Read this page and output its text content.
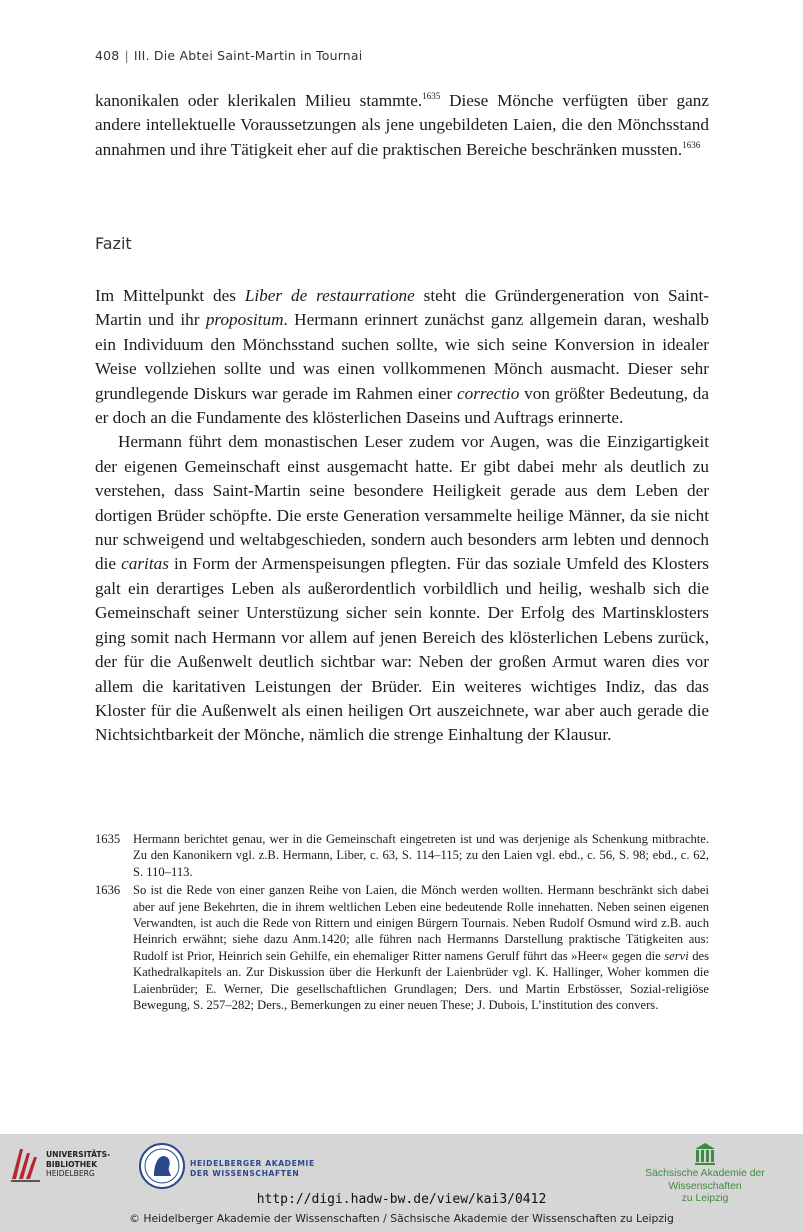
408 | III. Die Abtei Saint-Martin in Tournai

kanonikalen oder klerikalen Milieu stammte.$^{1635}$ Diese Mönche verfügten über ganz andere intellektuelle Voraussetzungen als jene ungebildeten Laien, die den Mönchsstand annahmen und ihre Tätigkeit eher auf die praktischen Bereiche beschränken mussten.$^{1636}$

Fazit

Im Mittelpunkt des Liber de restaurratione steht die Gründergeneration von Saint-Martin und ihr propositum. Hermann erinnert zunächst ganz allgemein daran, weshalb ein Individuum den Mönchsstand suchen sollte, wie sich seine Konversion in idealer Weise vollziehen sollte und was einen vollkommenen Mönch ausmacht. Dieser sehr grundlegende Diskurs war gerade im Rahmen einer correctio von größter Bedeutung, da er doch an die Fundamente des klösterlichen Daseins und Auftrags erinnerte.

Hermann führt dem monastischen Leser zudem vor Augen, was die Einzigartigkeit der eigenen Gemeinschaft einst ausgemacht hatte. Er gibt dabei mehr als deutlich zu verstehen, dass Saint-Martin seine besondere Heiligkeit gerade aus dem Leben der dortigen Brüder schöpfte. Die erste Generation versammelte heilige Männer, da sie nicht nur schweigend und weltabgeschieden, sondern auch besonders arm lebten und dennoch die caritas in Form der Armenspeisungen pflegten. Für das soziale Umfeld des Klosters galt ein derartiges Leben als außerordentlich vorbildlich und heilig, weshalb sich die Gemeinschaft seiner Unterstüzung sicher sein konnte. Der Erfolg des Martinsklosters ging somit nach Hermann vor allem auf jenen Bereich des klösterlichen Lebens zurück, der für die Außenwelt deutlich sichtbar war: Neben der großen Armut waren dies vor allem die karitativen Leistungen der Brüder. Ein weiteres wichtiges Indiz, das das Kloster für die Außenwelt als einen heiligen Ort auszeichnete, war aber auch gerade die Nichtsichtbarkeit der Mönche, nämlich die strenge Einhaltung der Klausur.

1635	Hermann berichtet genau, wer in die Gemeinschaft eingetreten ist und was derjenige als Schenkung mitbrachte. Zu den Kanonikern vgl. z.B. Hermann, Liber, c. 63, S. 114–115; zu den Laien vgl. ebd., c. 56, S. 98; ebd., c. 62, S. 110–113.
1636	So ist die Rede von einer ganzen Reihe von Laien, die Mönch werden wollten. Hermann beschränkt sich dabei aber auf jene Bekehrten, die in ihrem weltlichen Leben eine bedeutende Rolle innehatten. Neben seinen eigenen Verwandten, ist auch die Rede von Rittern und einigen Bürgern Tournais. Neben Rudolf Osmund wird z.B. auch Heinrich erwähnt; siehe dazu Anm.1420; alle führen nach Hermanns Darstellung praktische Tätigkeiten aus: Rudolf ist Prior, Heinrich sein Gehilfe, ein ehemaliger Ritter namens Gerulf führt das »Heer« gegen die servi des Kathedralkapitels an. Zur Diskussion über die Herkunft der Laienbrüder vgl. K. Hallinger, Woher kommen die Laienbrüder; E. Werner, Die gesellschaftlichen Grundlagen; Ders. und Martin Erbstösser, Sozial-religiöse Bewegung, S. 257–282; Ders., Bemerkungen zu einer neuen These; J. Dubois, L’institution des convers.
UNIVERSITÄTS-
BIBLIOTHEK
HEIDELBERG
HEIDELBERGER AKADEMIE
DER WISSENSCHAFTEN	Sächsische Akademie der Wissenschaften
zu Leipzig
http://digi.hadw-bw.de/view/kai3/0412
© Heidelberger Akademie der Wissenschaften / Sächsische Akademie der Wissenschaften zu Leipzig
